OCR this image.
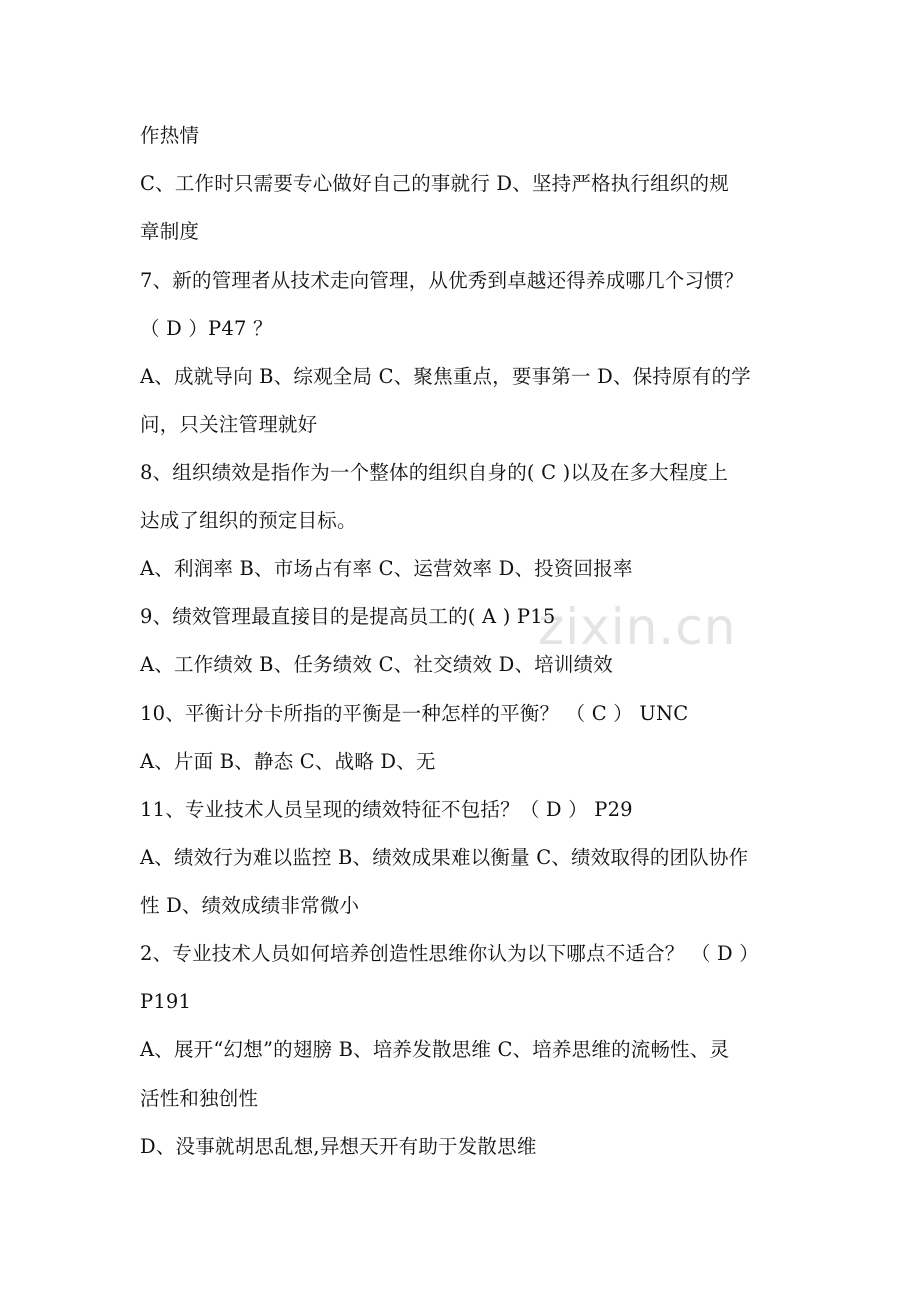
zixin.cn
作热情
C、工作时只需要专心做好自己的事就行 D、坚持严格执行组织的规
章制度
7、新的管理者从技术走向管理，从优秀到卓越还得养成哪几个习惯？
（ D ）P47 ？
A、成就导向 B、综观全局 C、聚焦重点，要事第一 D、保持原有的学
问，只关注管理就好
8、组织绩效是指作为一个整体的组织自身的( C )以及在多大程度上
达成了组织的预定目标。
A、利润率 B、市场占有率 C、运营效率 D、投资回报率
9、绩效管理最直接目的是提高员工的( A ) P15
A、工作绩效 B、任务绩效 C、社交绩效 D、培训绩效
10、平衡计分卡所指的平衡是一种怎样的平衡？ （ C ） UNC
A、片面 B、静态 C、战略 D、无
11、专业技术人员呈现的绩效特征不包括？（ D ） P29
A、绩效行为难以监控 B、绩效成果难以衡量 C、绩效取得的团队协作
性 D、绩效成绩非常微小
2、专业技术人员如何培养创造性思维你认为以下哪点不适合？ （ D ）
P191
A、展开“幻想”的翅膀 B、培养发散思维 C、培养思维的流畅性、灵
活性和独创性
D、没事就胡思乱想,异想天开有助于发散思维
